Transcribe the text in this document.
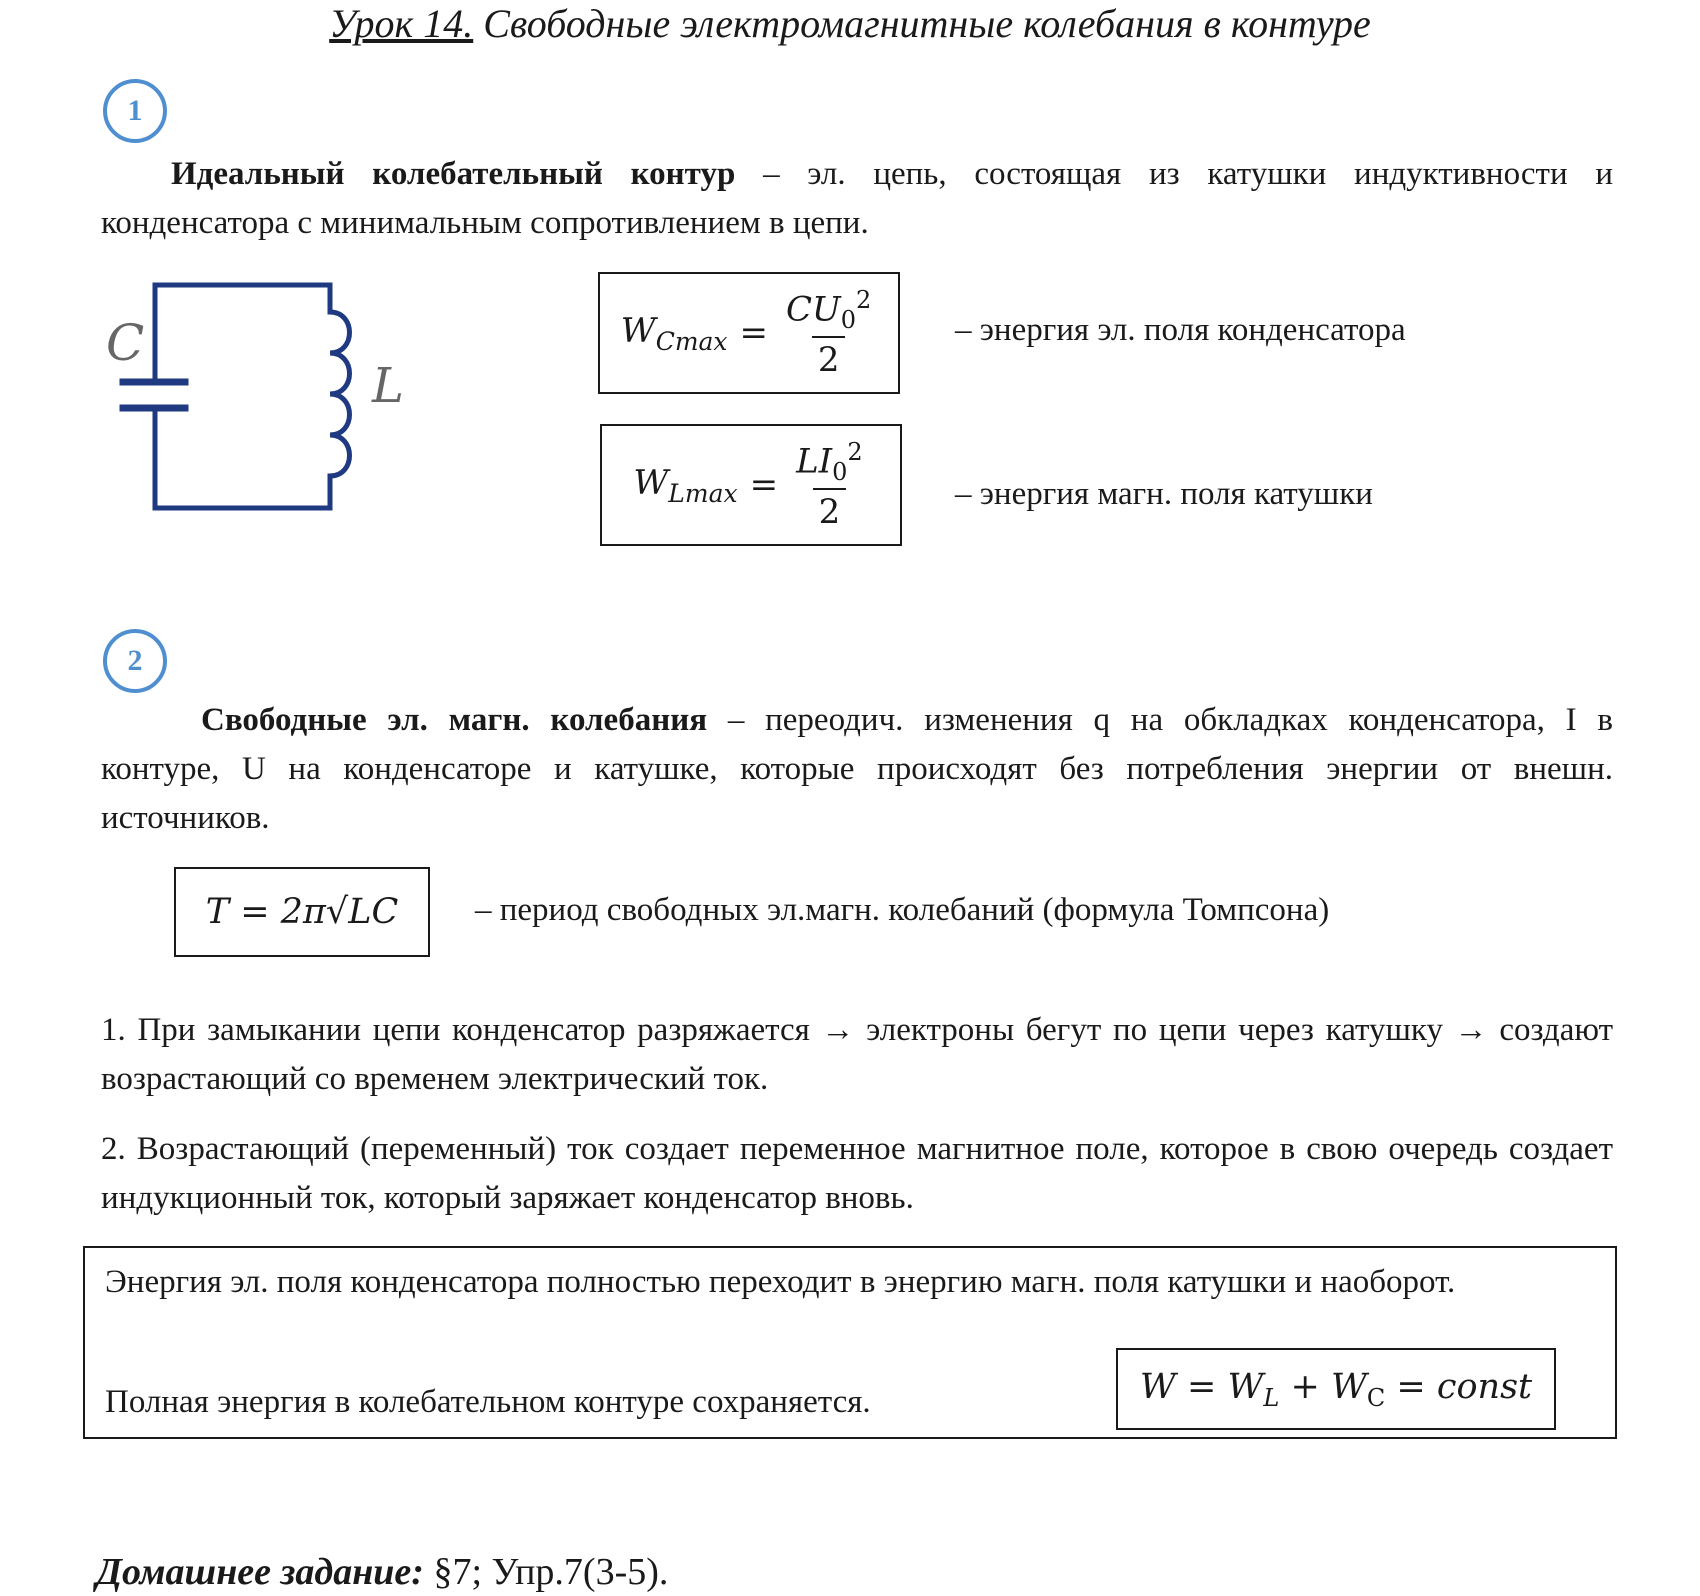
Урок 14. Свободные электромагнитные колебания в контуре
1
Идеальный колебательный контур – эл. цепь, состоящая из катушки индуктивности и конденсатора с минимальным сопротивлением в цепи.
C
L
$W_{Cmax} = \frac{CU_0^2}{2}$ – энергия эл. поля конденсатора
$W_{Lmax} = \frac{LI_0^2}{2}$	– энергия магн. поля катушки
2
Свободные эл. магн. колебания – переодич. изменения q на обкладках конденсатора, I в контуре, U на конденсаторе и катушке, которые происходят без потребления энергии от внешн. источников.
T = 2π√LC – период свободных эл.магн. колебаний (формула Томпсона)
1. При замыкании цепи конденсатор разряжается → электроны бегут по цепи через катушку → создают возрастающий со временем электрический ток.
2. Возрастающий (переменный) ток создает переменное магнитное поле, которое в свою очередь создает индукционный ток, который заряжает конденсатор вновь.
Энергия эл. поля конденсатора полностью переходит в энергию магн. поля катушки и наоборот.
Полная энергия в колебательном контуре сохраняется.	$W = W_L + W_C$ = const
Домашнее задание: §7; Упр.7(3-5).
